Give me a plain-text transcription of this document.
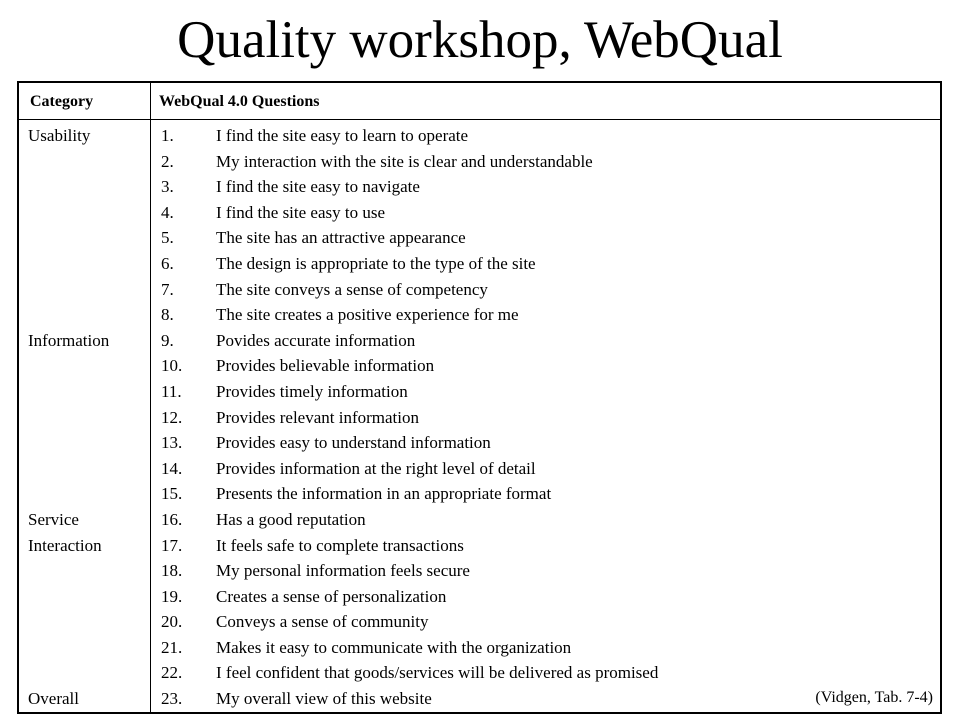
Quality workshop, WebQual
Category	WebQual 4.0 Questions
Usability
Information
Service
Interaction
Overall
1. I find the site easy to learn to operate
2. My interaction with the site is clear and understandable
3. I find the site easy to navigate
4. I find the site easy to use
5. The site has an attractive appearance
6. The design is appropriate to the type of the site
7. The site conveys a sense of competency
8. The site creates a positive experience for me
9. Povides accurate information
10. Provides believable information
11. Provides timely information
12. Provides relevant information
13. Provides easy to understand information
14. Provides information at the right level of detail
15. Presents the information in an appropriate format
16. Has a good reputation
17. It feels safe to complete transactions
18. My personal information feels secure
19. Creates a sense of personalization
20. Conveys a sense of community
21. Makes it easy to communicate with the organization
22. I feel confident that goods/services will be delivered as promised
23. My overall view of this website	(Vidgen, Tab. 7-4)
